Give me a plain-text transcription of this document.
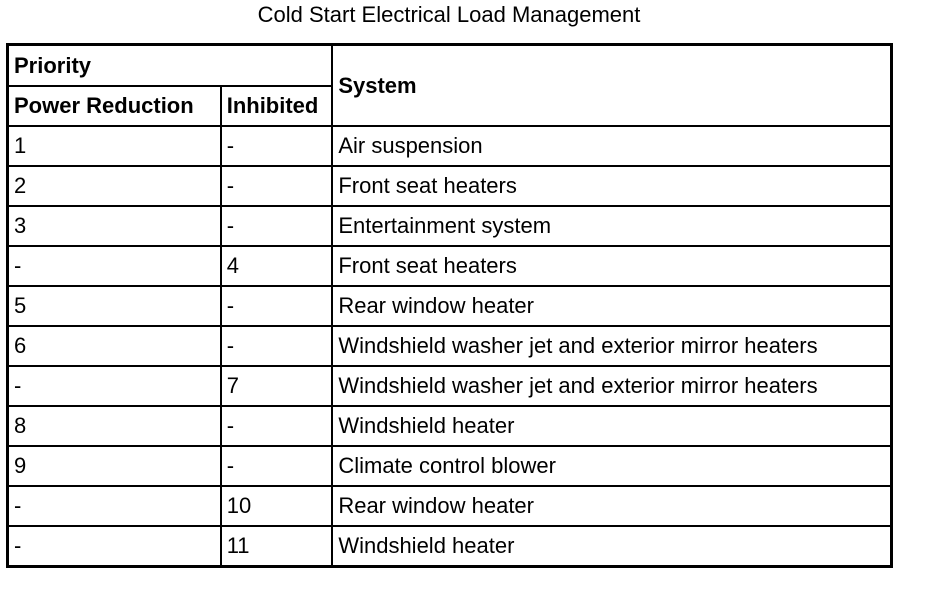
Cold Start Electrical Load Management
Priority		System
Power Reduction	Inhibited	
1	-	Air suspension
2	-	Front seat heaters
3	-	Entertainment system
-	4	Front seat heaters
5	-	Rear window heater
6	-	Windshield washer jet and exterior mirror heaters
-	7	Windshield washer jet and exterior mirror heaters
8	-	Windshield heater
9	-	Climate control blower
-	10	Rear window heater
-	11	Windshield heater
